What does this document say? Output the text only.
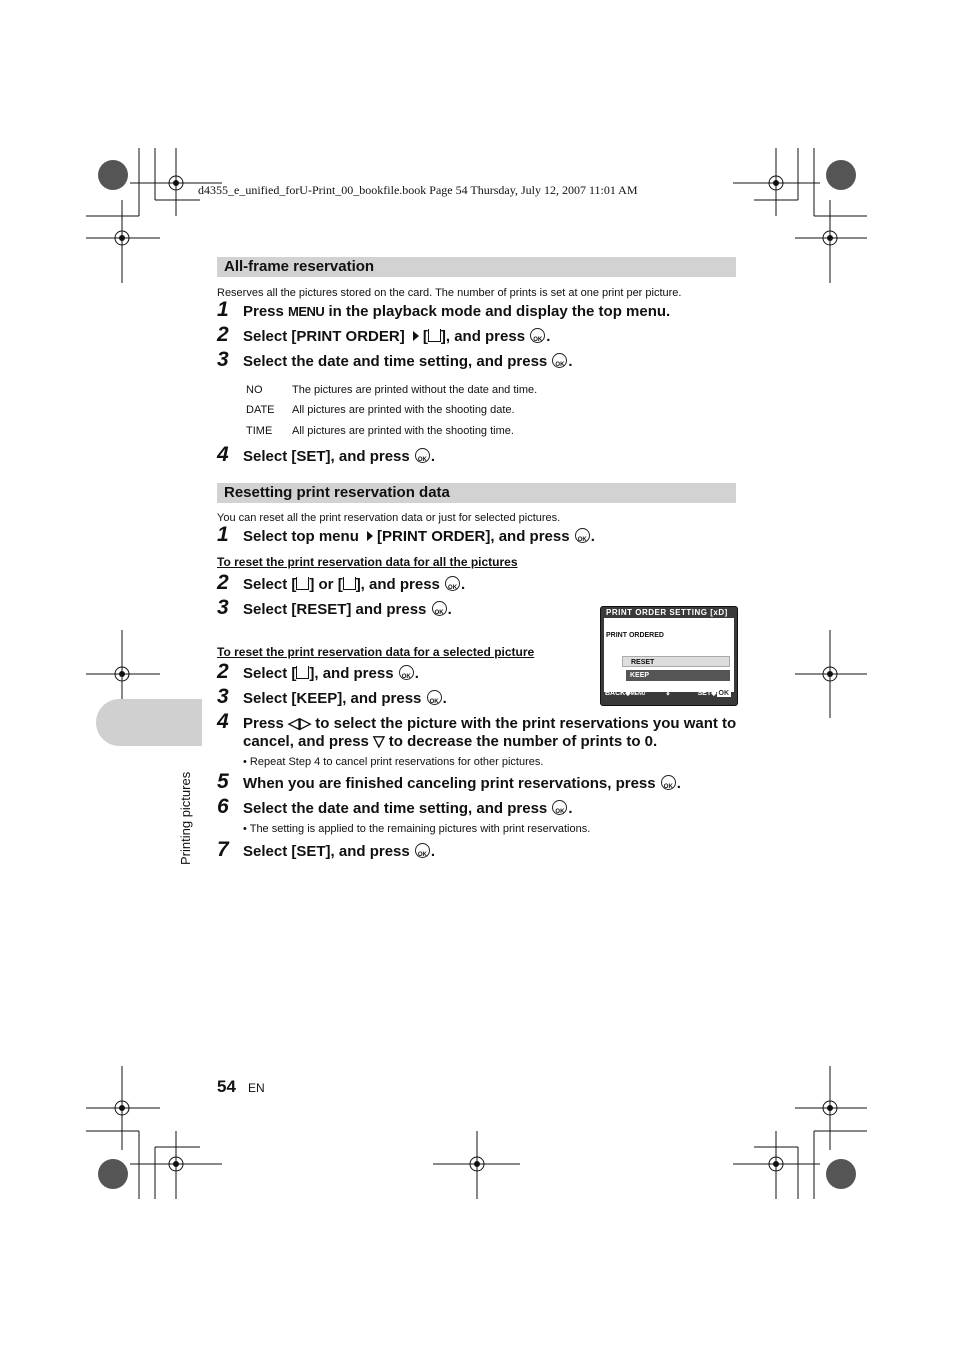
d4355_e_unified_forU-Print_00_bookfile.book Page 54 Thursday, July 12, 2007 11:01 AM
All-frame reservation
Reserves all the pictures stored on the card. The number of prints is set at one print per picture.
1 Press MENU in the playback mode and display the top menu.
2 Select [PRINT ORDER] [ ], and press OK.
3 Select the date and time setting, and press OK.
NO	The pictures are printed without the date and time.
DATE All pictures are printed with the shooting date.
TIME All pictures are printed with the shooting time.
4 Select [SET], and press OK.
Resetting print reservation data
You can reset all the print reservation data or just for selected pictures.
1 Select top menu [PRINT ORDER], and press OK.
To reset the print reservation data for all the pictures
2 Select [ ] or [ ], and press OK.
3 Select [RESET] and press OK.
To reset the print reservation data for a selected picture
2 Select [ ], and press OK.
3 Select [KEEP], and press OK.
4 Press ◁▷ to select the picture with the print reservations you want to cancel, and press ▽ to decrease the number of prints to 0.
• Repeat Step 4 to cancel print reservations for other pictures.
5 When you are finished canceling print reservations, press OK.
6 Select the date and time setting, and press OK.
• The setting is applied to the remaining pictures with print reservations.
7 Select [SET], and press OK.
PRINT ORDER SETTING [xD]
PRINT ORDERED
RESET
KEEP
BACK◆MENU	⇕	SET◆ OK
Printing pictures
54 EN
